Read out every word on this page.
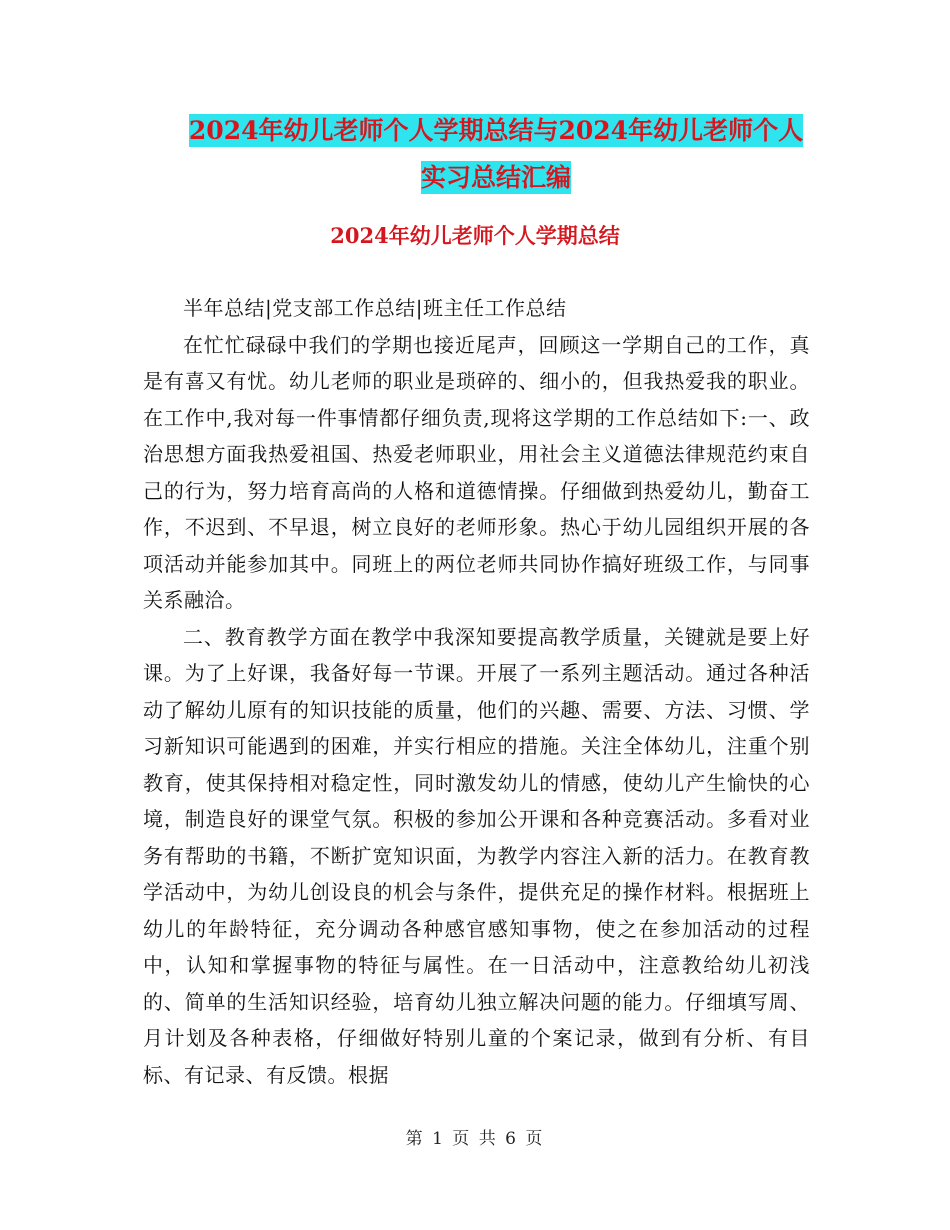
2024年幼儿老师个人学期总结与2024年幼儿老师个人
实习总结汇编
2024年幼儿老师个人学期总结

半年总结|党支部工作总结|班主任工作总结

在忙忙碌碌中我们的学期也接近尾声，回顾这一学期自己的工作，真是有喜又有忧。幼儿老师的职业是琐碎的、细小的，但我热爱我的职业。在工作中,我对每一件事情都仔细负责,现将这学期的工作总结如下:一、政治思想方面我热爱祖国、热爱老师职业，用社会主义道德法律规范约束自己的行为，努力培育高尚的人格和道德情操。仔细做到热爱幼儿，勤奋工作，不迟到、不早退，树立良好的老师形象。热心于幼儿园组织开展的各项活动并能参加其中。同班上的两位老师共同协作搞好班级工作，与同事关系融洽。

二、教育教学方面在教学中我深知要提高教学质量，关键就是要上好课。为了上好课，我备好每一节课。开展了一系列主题活动。通过各种活动了解幼儿原有的知识技能的质量，他们的兴趣、需要、方法、习惯、学习新知识可能遇到的困难，并实行相应的措施。关注全体幼儿，注重个别教育，使其保持相对稳定性，同时激发幼儿的情感，使幼儿产生愉快的心境，制造良好的课堂气氛。积极的参加公开课和各种竞赛活动。多看对业务有帮助的书籍，不断扩宽知识面，为教学内容注入新的活力。在教育教学活动中，为幼儿创设良的机会与条件，提供充足的操作材料。根据班上幼儿的年龄特征，充分调动各种感官感知事物，使之在参加活动的过程中，认知和掌握事物的特征与属性。在一日活动中，注意教给幼儿初浅的、简单的生活知识经验，培育幼儿独立解决问题的能力。仔细填写周、月计划及各种表格，仔细做好特别儿童的个案记录，做到有分析、有目标、有记录、有反馈。根据

第 1 页 共 6 页
